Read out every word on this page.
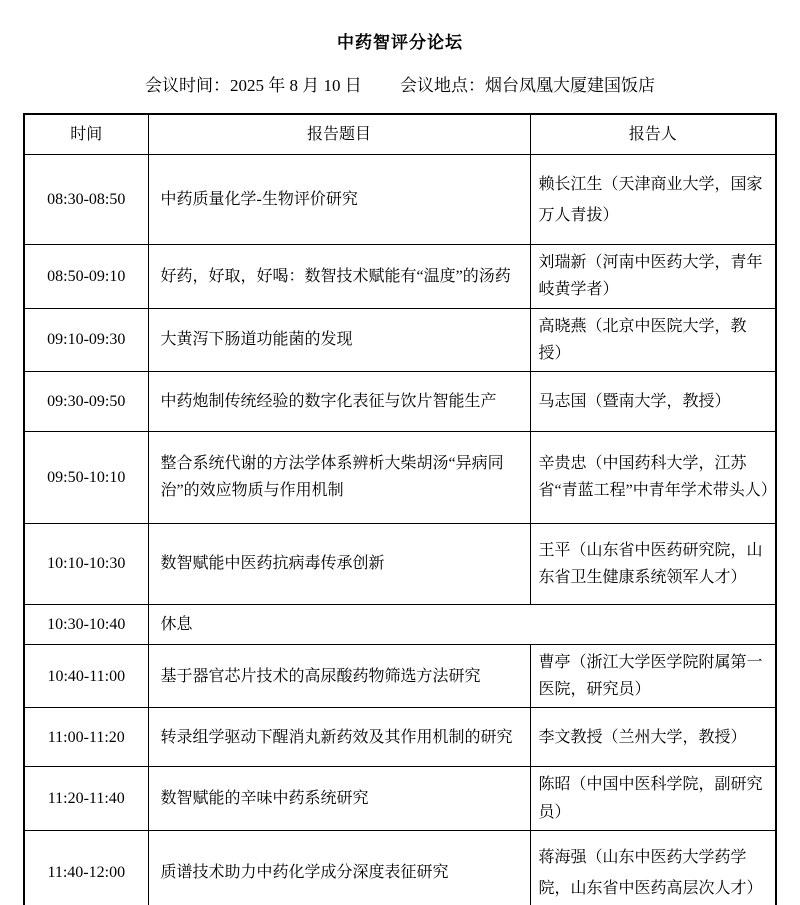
中药智评分论坛

会议时间：2025 年 8 月 10 日 会议地点：烟台凤凰大厦建国饭店

时间	报告题目	报告人
08:30-08:50	中药质量化学-生物评价研究	赖长江生（天津商业大学，国家万人青拔）
08:50-09:10	好药，好取，好喝：数智技术赋能有“温度”的汤药	刘瑞新（河南中医药大学，青年岐黄学者）
09:10-09:30	大黄泻下肠道功能菌的发现	高晓燕（北京中医院大学，教授）
09:30-09:50	中药炮制传统经验的数字化表征与饮片智能生产	马志国（暨南大学，教授）
09:50-10:10	整合系统代谢的方法学体系辨析大柴胡汤“异病同治”的效应物质与作用机制	辛贵忠（中国药科大学，江苏省“青蓝工程”中青年学术带头人）
10:10-10:30	数智赋能中医药抗病毒传承创新	王平（山东省中医药研究院，山东省卫生健康系统领军人才）
10:30-10:40	休息	
10:40-11:00	基于器官芯片技术的高尿酸药物筛选方法研究	曹亭（浙江大学医学院附属第一医院，研究员）
11:00-11:20	转录组学驱动下醒消丸新药效及其作用机制的研究	李文教授（兰州大学，教授）
11:20-11:40	数智赋能的辛味中药系统研究	陈昭（中国中医科学院，副研究员）
11:40-12:00	质谱技术助力中药化学成分深度表征研究	蒋海强（山东中医药大学药学院，山东省中医药高层次人才）
